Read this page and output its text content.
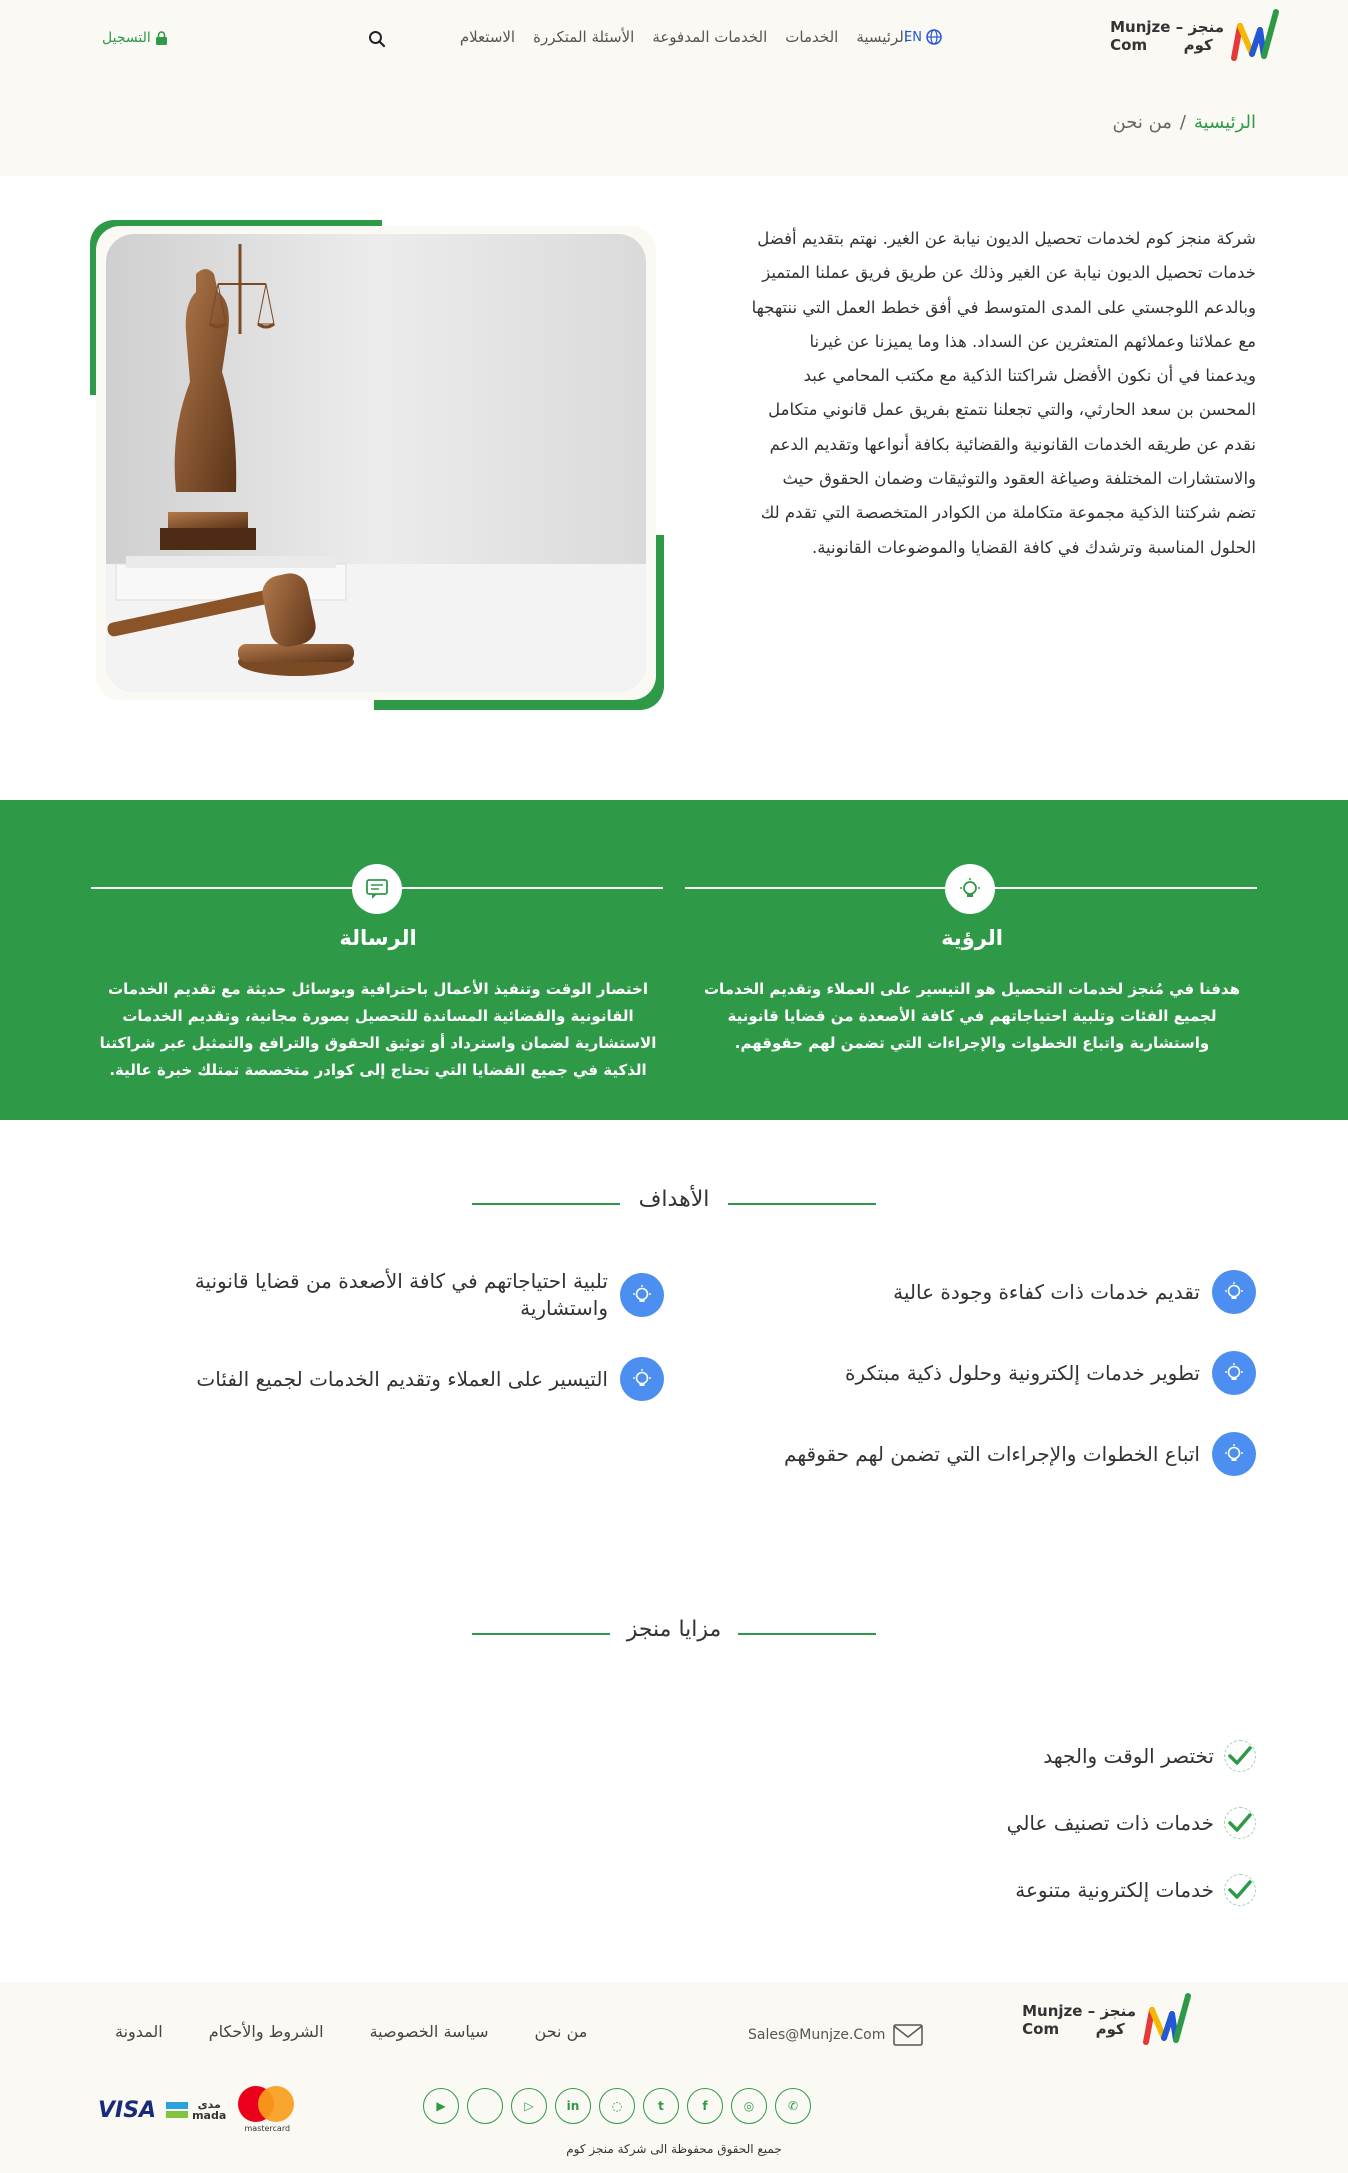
Munjze – منجز
Com كوم
الرئيسية
الخدمات
الخدمات المدفوعة
الأسئلة المتكررة
الاستعلام	EN
التسجيل
الرئيسية
/
من نحن
شركة منجز كوم لخدمات تحصيل الديون نيابة عن الغير. نهتم بتقديم أفضل
خدمات تحصيل الديون نيابة عن الغير وذلك عن طريق فريق عملنا المتميز
وبالدعم اللوجستي على المدى المتوسط في أفق خطط العمل التي ننتهجها
مع عملائنا وعملائهم المتعثرين عن السداد. هذا وما يميزنا عن غيرنا
ويدعمنا في أن نكون الأفضل شراكتنا الذكية مع مكتب المحامي عبد
المحسن بن سعد الحارثي، والتي تجعلنا نتمتع بفريق عمل قانوني متكامل
نقدم عن طريقه الخدمات القانونية والقضائية بكافة أنواعها وتقديم الدعم
والاستشارات المختلفة وصياغة العقود والتوثيقات وضمان الحقوق حيث
تضم شركتنا الذكية مجموعة متكاملة من الكوادر المتخصصة التي تقدم لك
الحلول المناسبة وترشدك في كافة القضايا والموضوعات القانونية.
الرؤية
هدفنا في مُنجز لخدمات التحصيل هو التيسير على العملاء وتقديم الخدمات
لجميع الفئات وتلبية احتياجاتهم في كافة الأصعدة من قضايا قانونية
واستشارية واتباع الخطوات والإجراءات التي تضمن لهم حقوقهم.
الرسالة
اختصار الوقت وتنفيذ الأعمال باحترافية وبوسائل حديثة مع تقديم الخدمات
القانونية والقضائية المساندة للتحصيل بصورة مجانية، وتقديم الخدمات
الاستشارية لضمان واسترداد أو توثيق الحقوق والترافع والتمثيل عبر شراكتنا
الذكية في جميع القضايا التي تحتاج إلى كوادر متخصصة تمتلك خبرة عالية.
الأهداف
تقديم خدمات ذات كفاءة وجودة عالية
تطوير خدمات إلكترونية وحلول ذكية مبتكرة
اتباع الخطوات والإجراءات التي تضمن لهم حقوقهم
تلبية احتياجاتهم في كافة الأصعدة من قضايا قانونية
واستشارية
التيسير على العملاء وتقديم الخدمات لجميع الفئات
مزايا منجز
تختصر الوقت والجهد
خدمات ذات تصنيف عالي
خدمات إلكترونية متنوعة
Munjze – منجز
Com كوم
Sales@Munjze.Com
من نحن
سياسة الخصوصية
الشروط والأحكام
المدونة
▶	▷	in	◌	t	f	◎	✆
VISA	مدى
mada
mastercard
جميع الحقوق محفوظة الى شركة منجز كوم
